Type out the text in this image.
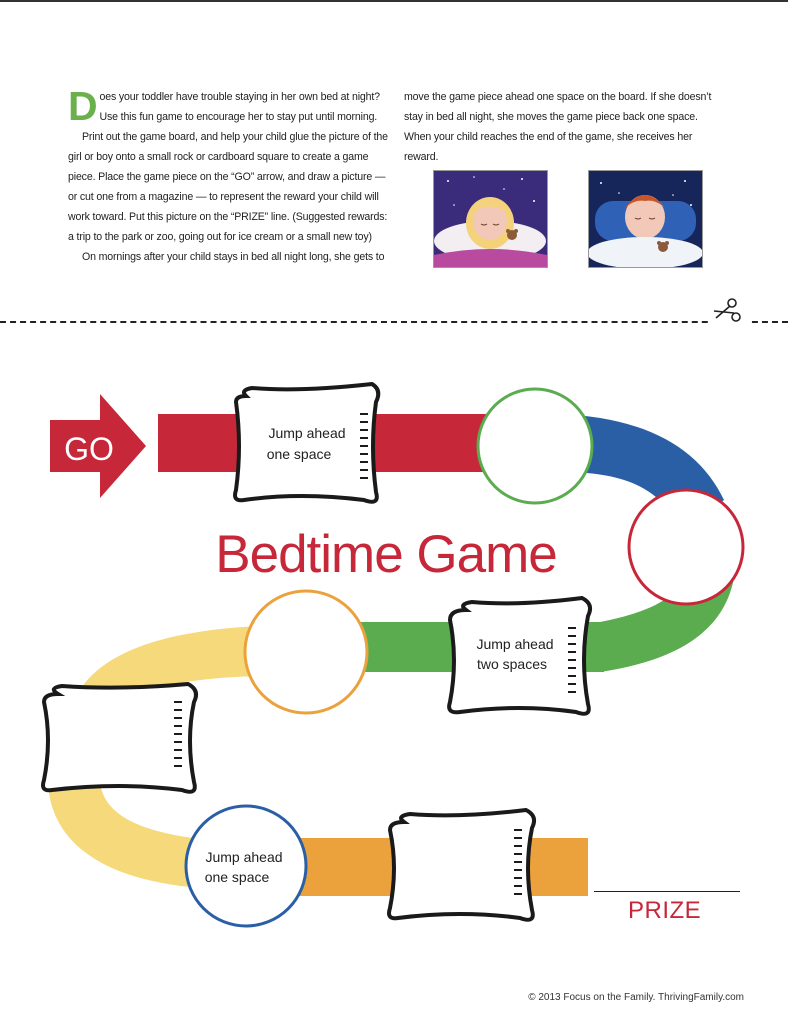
Does your toddler have trouble staying in her own bed at night? Use this fun game to encourage her to stay put until morning.

Print out the game board, and help your child glue the picture of the girl or boy onto a small rock or cardboard square to create a game piece. Place the game piece on the “GO” arrow, and draw a picture — or cut one from a magazine — to represent the reward your child will work toward. Put this picture on the “PRIZE” line. (Suggested rewards: a trip to the park or zoo, going out for ice cream or a small new toy)

On mornings after your child stays in bed all night long, she gets to

move the game piece ahead one space on the board. If she doesn’t stay in bed all night, she moves the game piece back one space. When your child reaches the end of the game, she receives her reward.

GO
Bedtime Game
Jump ahead
one space
Jump ahead
two spaces
Jump ahead
one space
PRIZE
© 2013 Focus on the Family. ThrivingFamily.com
